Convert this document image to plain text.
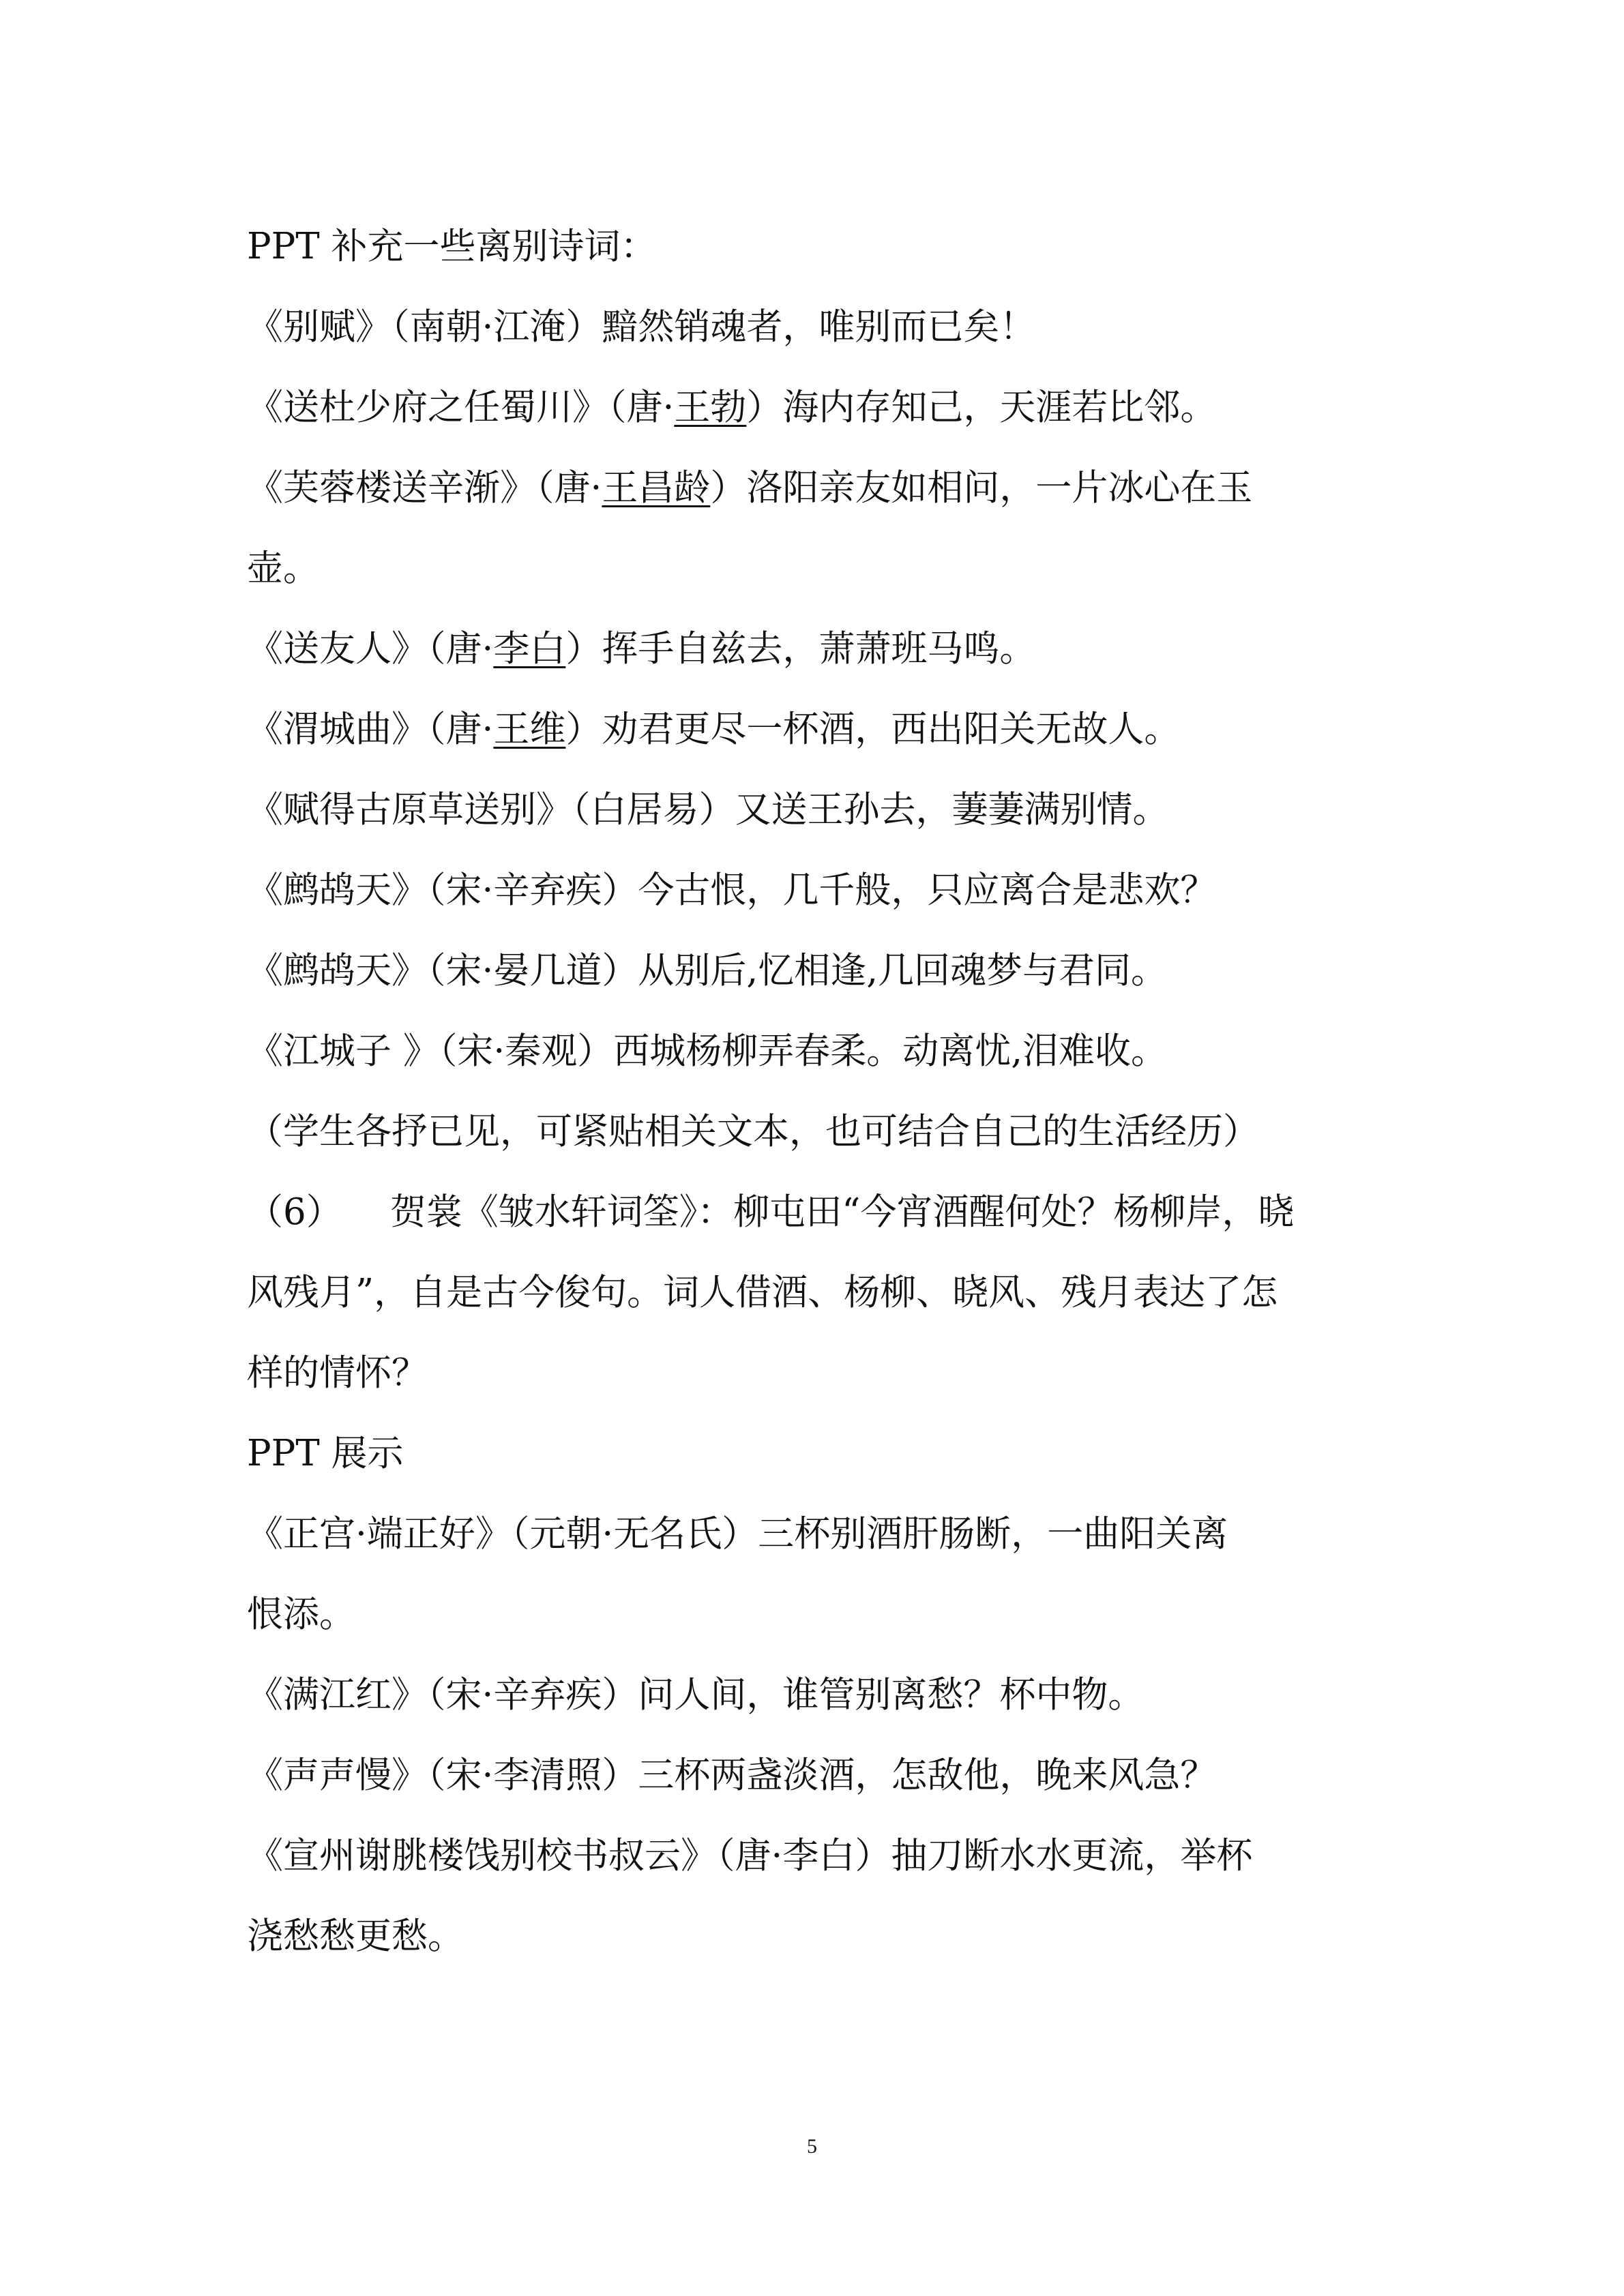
PPT 补充一些离别诗词：
《别赋》（南朝·江淹）黯然销魂者，唯别而已矣！
《送杜少府之任蜀川》（唐·王勃）海内存知己，天涯若比邻。
《芙蓉楼送辛渐》（唐·王昌龄）洛阳亲友如相问，一片冰心在玉
壶。
《送友人》（唐·李白）挥手自兹去，萧萧班马鸣。
《渭城曲》（唐·王维）劝君更尽一杯酒，西出阳关无故人。
《赋得古原草送别》（白居易）又送王孙去，萋萋满别情。
《鹧鸪天》（宋·辛弃疾）今古恨，几千般，只应离合是悲欢？
《鹧鸪天》（宋·晏几道）从别后,忆相逢,几回魂梦与君同。
《江城子 》（宋·秦观）西城杨柳弄春柔。动离忧,泪难收。
（学生各抒已见，可紧贴相关文本，也可结合自己的生活经历）
（6） 贺裳《皱水轩词筌》：柳屯田“今宵酒醒何处？杨柳岸，晓
风残月”，自是古今俊句。词人借酒、杨柳、晓风、残月表达了怎
样的情怀？
PPT 展示
《正宫·端正好》（元朝·无名氏）三杯别酒肝肠断，一曲阳关离
恨添。
《满江红》（宋·辛弃疾）问人间，谁管别离愁？杯中物。
《声声慢》（宋·李清照）三杯两盏淡酒，怎敌他，晚来风急？
《宣州谢朓楼饯别校书叔云》（唐·李白）抽刀断水水更流，举杯
浇愁愁更愁。
5
